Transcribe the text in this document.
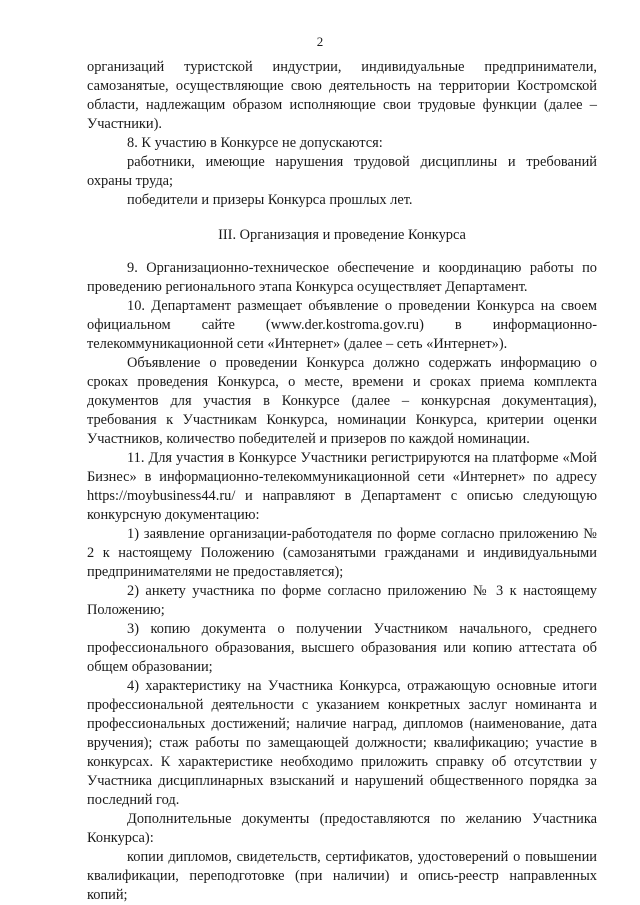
2

организаций туристской индустрии, индивидуальные предприниматели, самозанятые, осуществляющие свою деятельность на территории Костромской области, надлежащим образом исполняющие свои трудовые функции (далее – Участники).

8. К участию в Конкурсе не допускаются:

работники, имеющие нарушения трудовой дисциплины и требований охраны труда;

победители и призеры Конкурса прошлых лет.

III. Организация и проведение Конкурса

9. Организационно-техническое обеспечение и координацию работы по проведению регионального этапа Конкурса осуществляет Департамент.

10. Департамент размещает объявление о проведении Конкурса на своем официальном сайте (www.der.kostroma.gov.ru) в информационно-телекоммуникационной сети «Интернет» (далее – сеть «Интернет»).

Объявление о проведении Конкурса должно содержать информацию о сроках проведения Конкурса, о месте, времени и сроках приема комплекта документов для участия в Конкурсе (далее – конкурсная документация), требования к Участникам Конкурса, номинации Конкурса, критерии оценки Участников, количество победителей и призеров по каждой номинации.

11. Для участия в Конкурсе Участники регистрируются на платформе «Мой Бизнес» в информационно-телекоммуникационной сети «Интернет» по адресу https://moybusiness44.ru/ и направляют в Департамент с описью следующую конкурсную документацию:

1) заявление организации-работодателя по форме согласно приложению № 2 к настоящему Положению (самозанятыми гражданами и индивидуальными предпринимателями не предоставляется);

2) анкету участника по форме согласно приложению № 3 к настоящему Положению;

3) копию документа о получении Участником начального, среднего профессионального образования, высшего образования или копию аттестата об общем образовании;

4) характеристику на Участника Конкурса, отражающую основные итоги профессиональной деятельности с указанием конкретных заслуг номинанта и профессиональных достижений; наличие наград, дипломов (наименование, дата вручения); стаж работы по замещающей должности; квалификацию; участие в конкурсах. К характеристике необходимо приложить справку об отсутствии у Участника дисциплинарных взысканий и нарушений общественного порядка за последний год.

Дополнительные документы (предоставляются по желанию Участника Конкурса):

копии дипломов, свидетельств, сертификатов, удостоверений о повышении квалификации, переподготовке (при наличии) и опись-реестр направленных копий;
